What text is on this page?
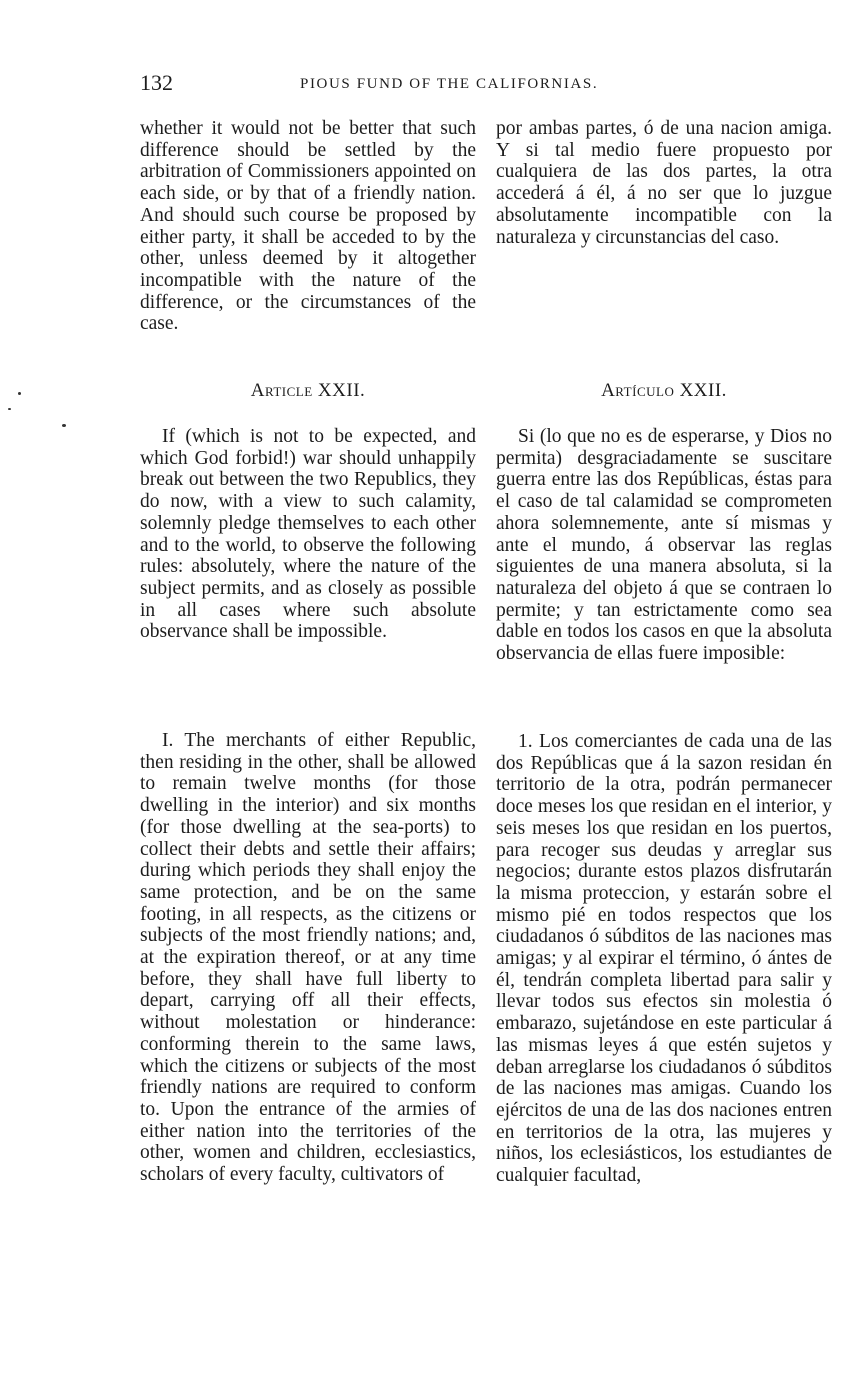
132	PIOUS FUND OF THE CALIFORNIAS.

whether it would not be better that such difference should be settled by the arbitration of Commissioners appointed on each side, or by that of a friendly nation. And should such course be proposed by either party, it shall be acceded to by the other, unless deemed by it altogether incompatible with the nature of the difference, or the circumstances of the case.

Article XXII.

If (which is not to be expected, and which God forbid!) war should unhappily break out between the two Republics, they do now, with a view to such calamity, solemnly pledge themselves to each other and to the world, to observe the following rules: absolutely, where the nature of the subject permits, and as closely as possible in all cases where such absolute observance shall be impossible.

I. The merchants of either Republic, then residing in the other, shall be allowed to remain twelve months (for those dwelling in the interior) and six months (for those dwelling at the sea-ports) to collect their debts and settle their affairs; during which periods they shall enjoy the same protection, and be on the same footing, in all respects, as the citizens or subjects of the most friendly nations; and, at the expiration thereof, or at any time before, they shall have full liberty to depart, carrying off all their effects, without molestation or hinderance: conforming therein to the same laws, which the citizens or subjects of the most friendly nations are required to conform to. Upon the entrance of the armies of either nation into the territories of the other, women and children, ecclesiastics, scholars of every faculty, cultivators of

por ambas partes, ó de una nacion amiga. Y si tal medio fuere propuesto por cualquiera de las dos partes, la otra accederá á él, á no ser que lo juzgue absolutamente incompatible con la naturaleza y circunstancias del caso.

Artículo XXII.

Si (lo que no es de esperarse, y Dios no permita) desgraciadamente se suscitare guerra entre las dos Repúblicas, éstas para el caso de tal calamidad se comprometen ahora solemnemente, ante sí mismas y ante el mundo, á observar las reglas siguientes de una manera absoluta, si la naturaleza del objeto á que se contraen lo permite; y tan estrictamente como sea dable en todos los casos en que la absoluta observancia de ellas fuere imposible:

1. Los comerciantes de cada una de las dos Repúblicas que á la sazon residan én territorio de la otra, podrán permanecer doce meses los que residan en el interior, y seis meses los que residan en los puertos, para recoger sus deudas y arreglar sus negocios; durante estos plazos disfrutarán la misma proteccion, y estarán sobre el mismo pié en todos respectos que los ciudadanos ó súbditos de las naciones mas amigas; y al expirar el término, ó ántes de él, tendrán completa libertad para salir y llevar todos sus efectos sin molestia ó embarazo, sujetándose en este particular á las mismas leyes á que estén sujetos y deban arreglarse los ciudadanos ó súbditos de las naciones mas amigas. Cuando los ejércitos de una de las dos naciones entren en territorios de la otra, las mujeres y niños, los eclesiásticos, los estudiantes de cualquier facultad,
